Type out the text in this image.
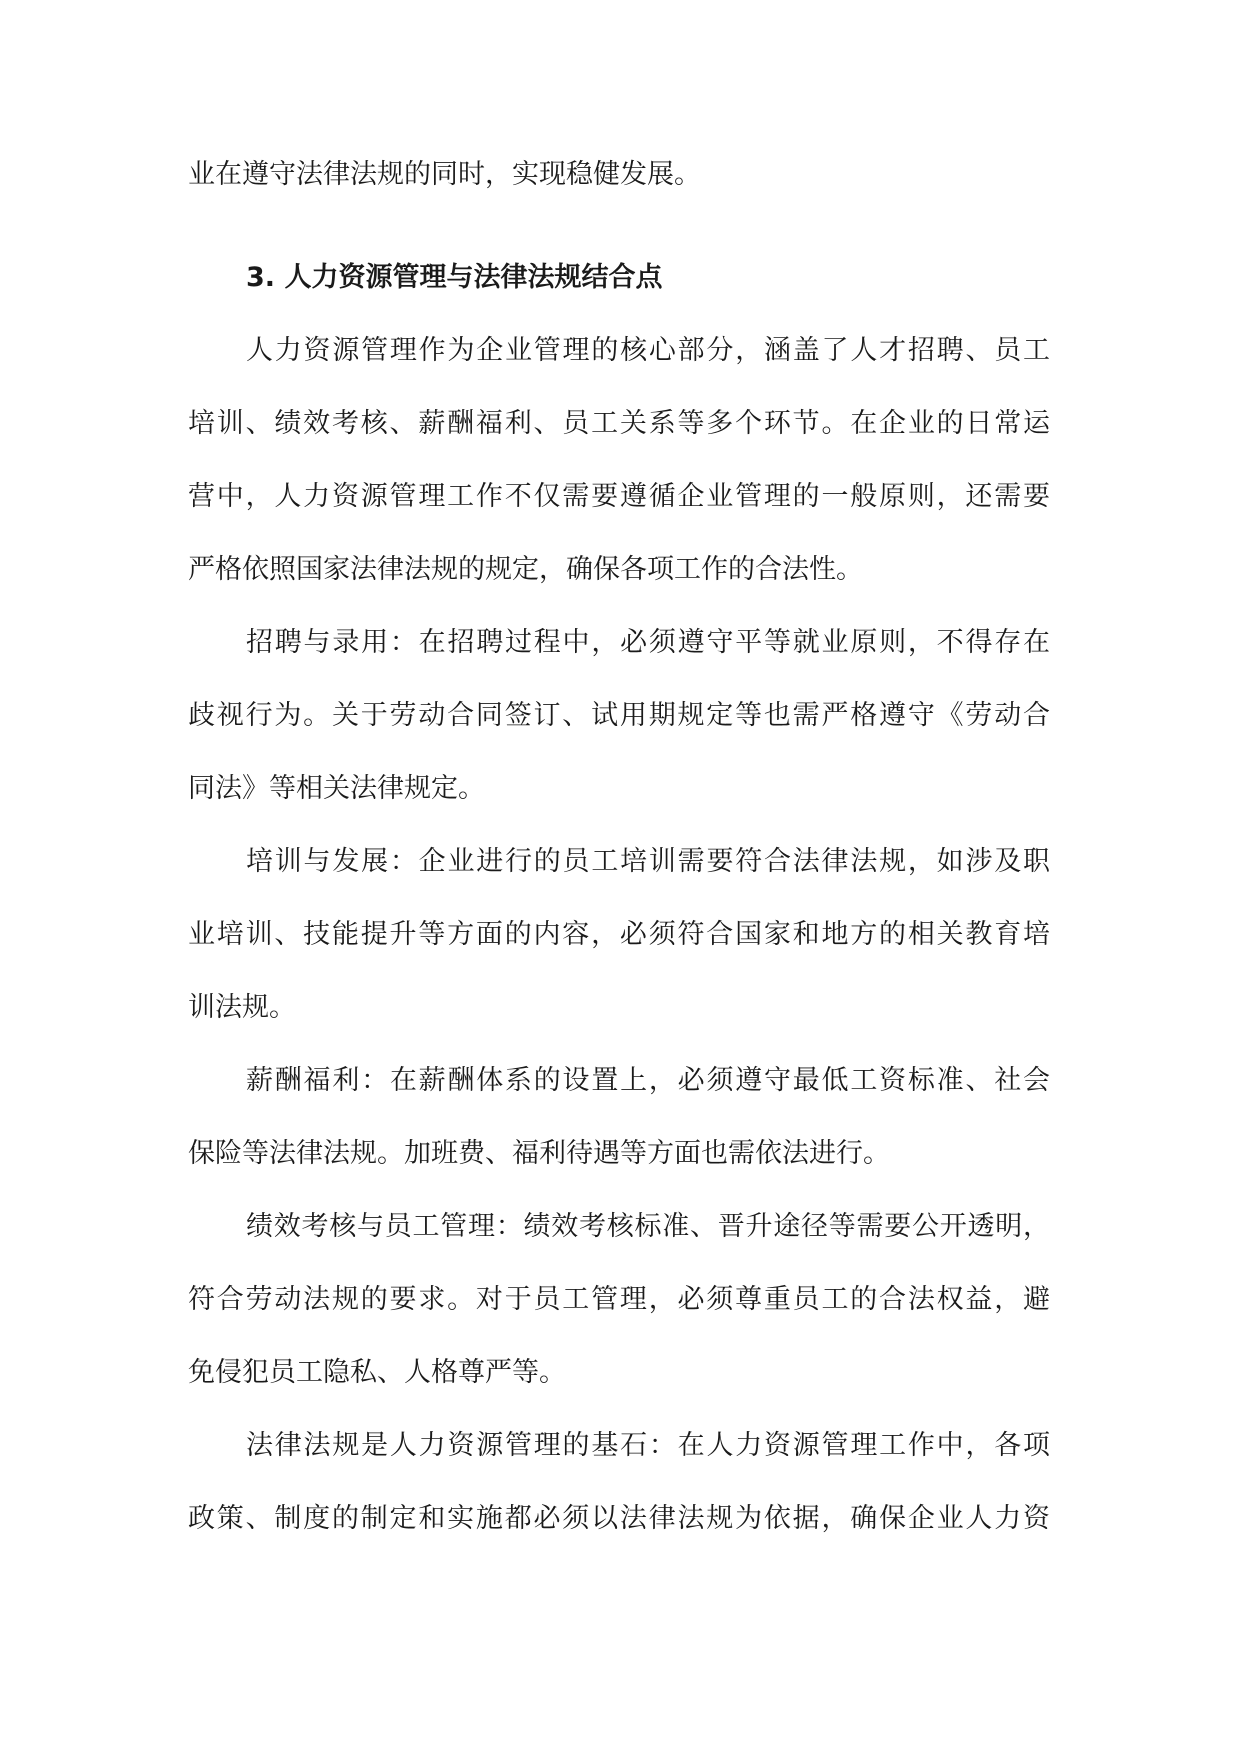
业在遵守法律法规的同时，实现稳健发展。
3. 人力资源管理与法律法规结合点
人力资源管理作为企业管理的核心部分，涵盖了人才招聘、员工
培训、绩效考核、薪酬福利、员工关系等多个环节。在企业的日常运
营中，人力资源管理工作不仅需要遵循企业管理的一般原则，还需要
严格依照国家法律法规的规定，确保各项工作的合法性。
招聘与录用：在招聘过程中，必须遵守平等就业原则，不得存在
歧视行为。关于劳动合同签订、试用期规定等也需严格遵守《劳动合
同法》等相关法律规定。
培训与发展：企业进行的员工培训需要符合法律法规，如涉及职
业培训、技能提升等方面的内容，必须符合国家和地方的相关教育培
训法规。
薪酬福利：在薪酬体系的设置上，必须遵守最低工资标准、社会
保险等法律法规。加班费、福利待遇等方面也需依法进行。
绩效考核与员工管理：绩效考核标准、晋升途径等需要公开透明，
符合劳动法规的要求。对于员工管理，必须尊重员工的合法权益，避
免侵犯员工隐私、人格尊严等。
法律法规是人力资源管理的基石：在人力资源管理工作中，各项
政策、制度的制定和实施都必须以法律法规为依据，确保企业人力资
